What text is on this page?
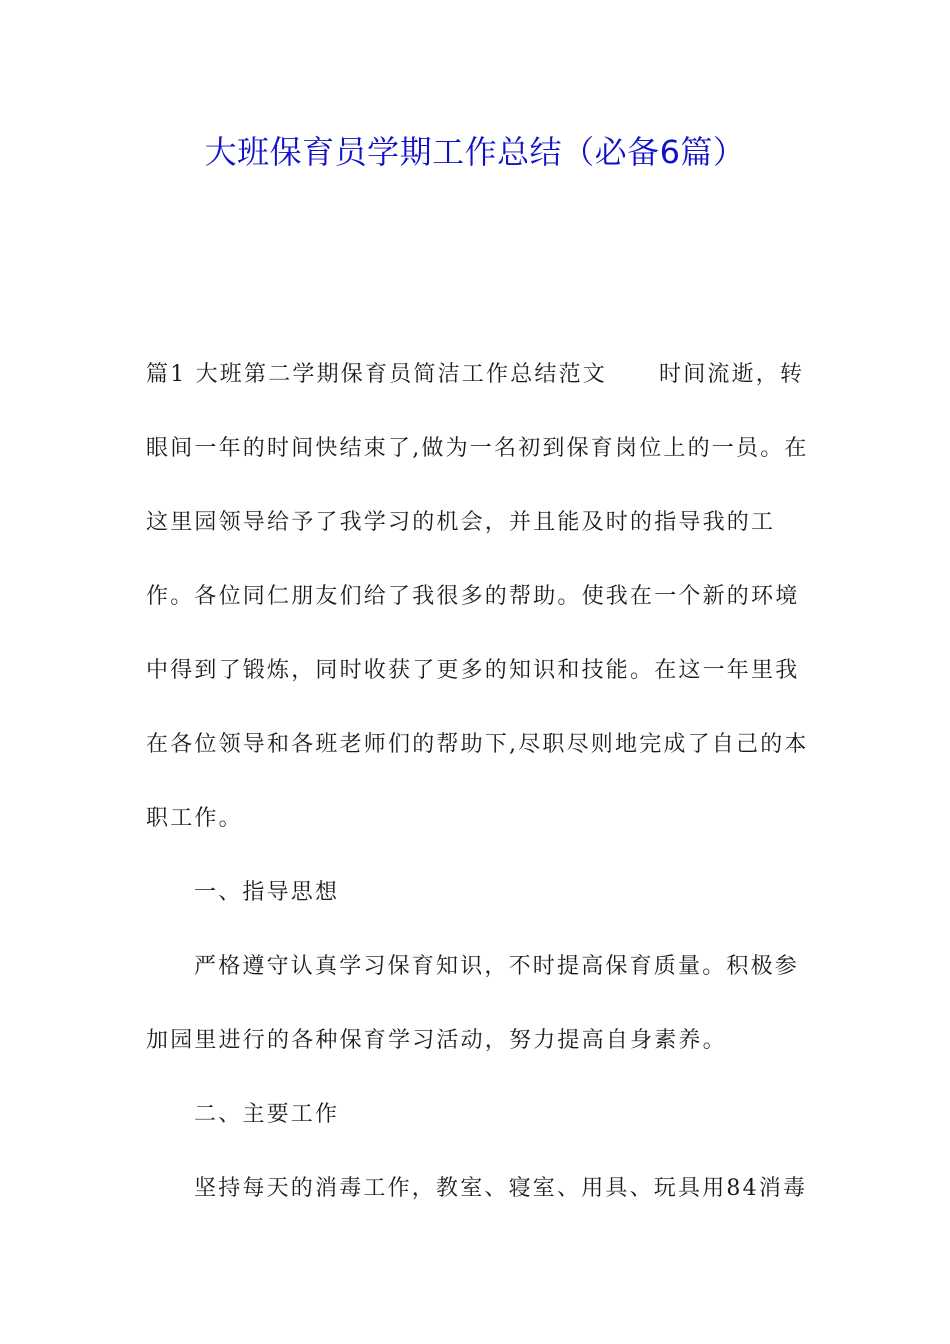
大班保育员学期工作总结（必备6篇）

篇1 大班第二学期保育员简洁工作总结范文 时间流逝，转眼间一年的时间快结束了,做为一名初到保育岗位上的一员。在这里园领导给予了我学习的机会，并且能及时的指导我的工作。各位同仁朋友们给了我很多的帮助。使我在一个新的环境中得到了锻炼，同时收获了更多的知识和技能。在这一年里我在各位领导和各班老师们的帮助下,尽职尽则地完成了自己的本职工作。

一、指导思想

严格遵守认真学习保育知识，不时提高保育质量。积极参加园里进行的各种保育学习活动，努力提高自身素养。

二、主要工作

坚持每天的消毒工作，教室、寝室、用具、玩具用84消毒
